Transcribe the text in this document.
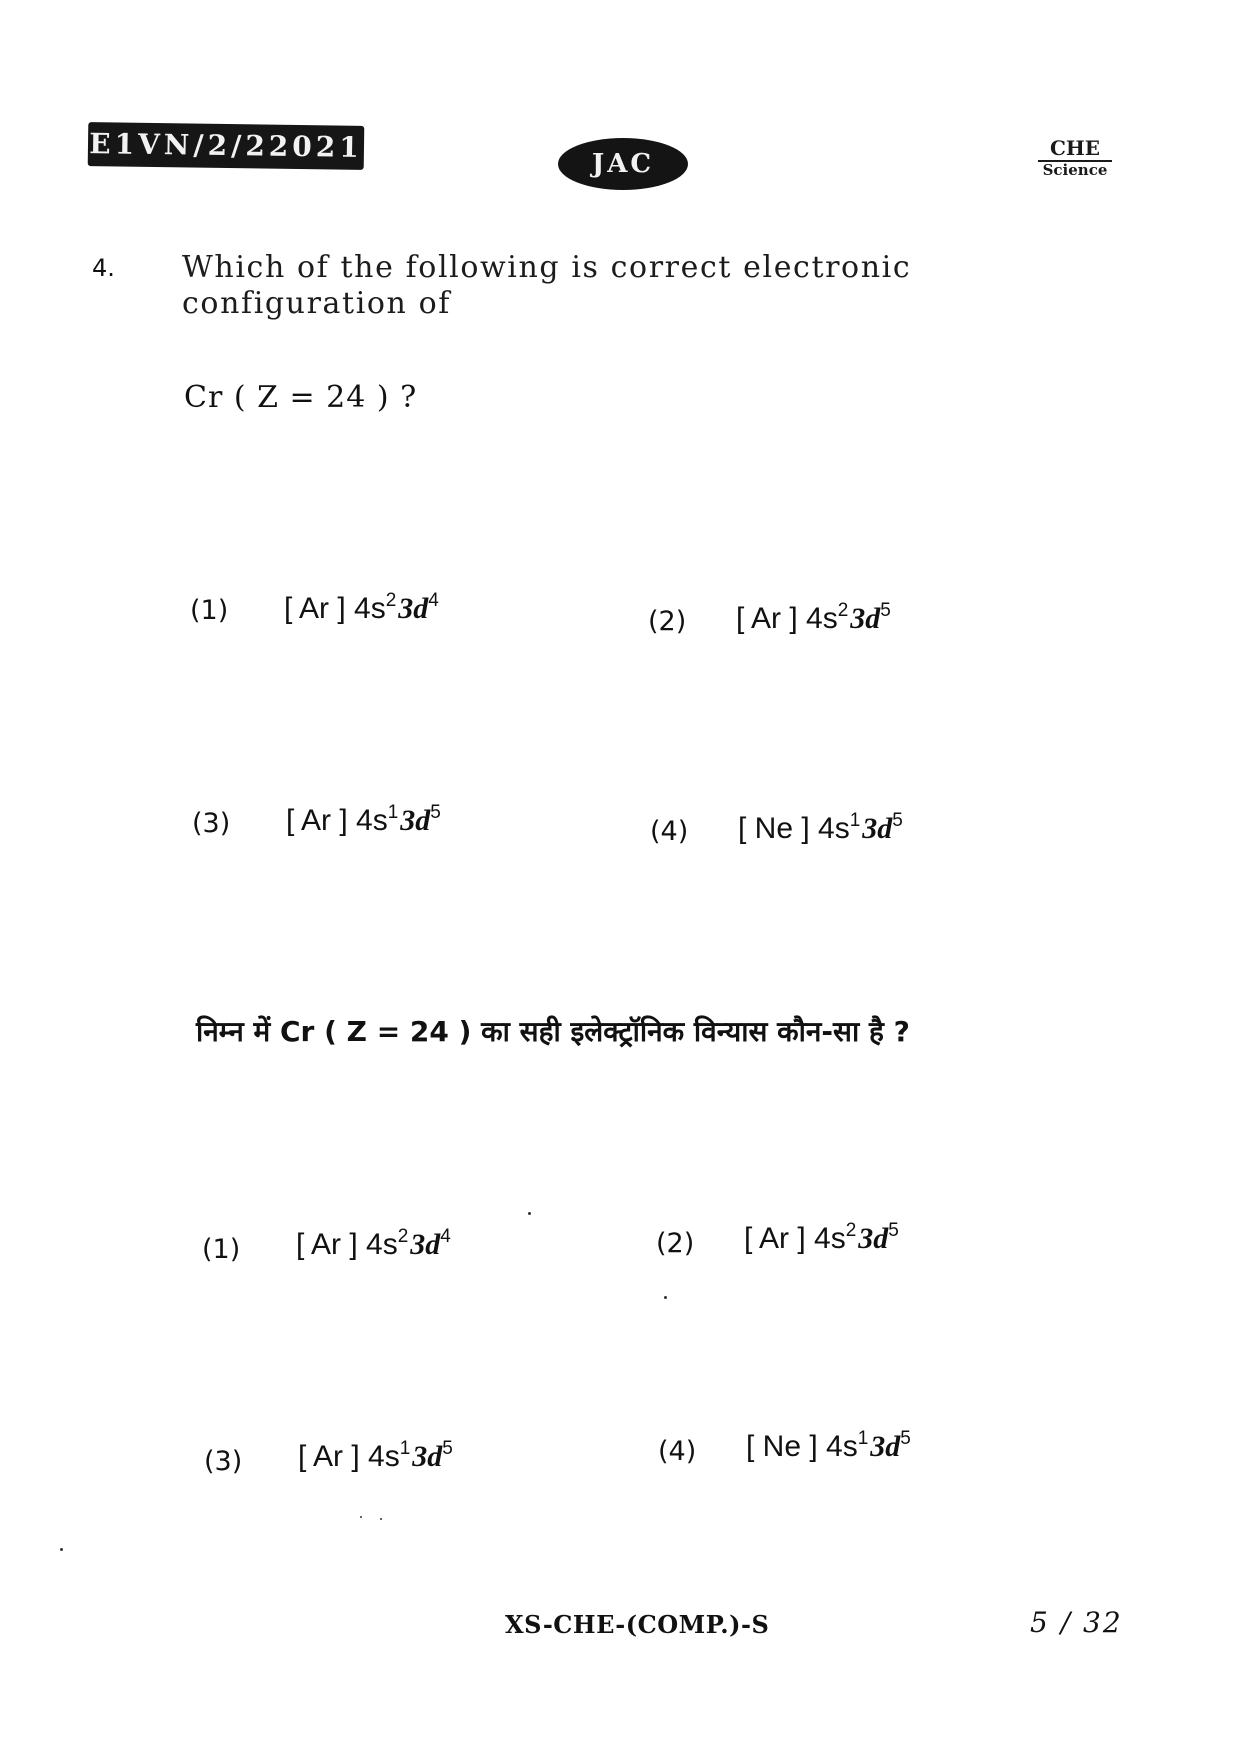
E1VN/2/22021
JAC
CHE
Science
4. Which of the following is correct electronic configuration of
Cr ( Z = 24 ) ?
(1) [ Ar ] $4s^23d^4$
(2) [ Ar ] $4s^23d^5$
(3) [ Ar ] $4s^13d^5$
(4) [ Ne ] $4s^13d^5$
निम्न में Cr ( Z = 24 ) का सही इलेक्ट्रॉनिक विन्यास कौन-सा है ?
(1) [ Ar ] $4s^23d^4$	(2) [ Ar ] $4s^23d^5$
(3) [ Ar ] $4s^13d^5$	(4) [ Ne ] $4s^13d^5$
XS-CHE-(COMP.)-S	5 / 32
